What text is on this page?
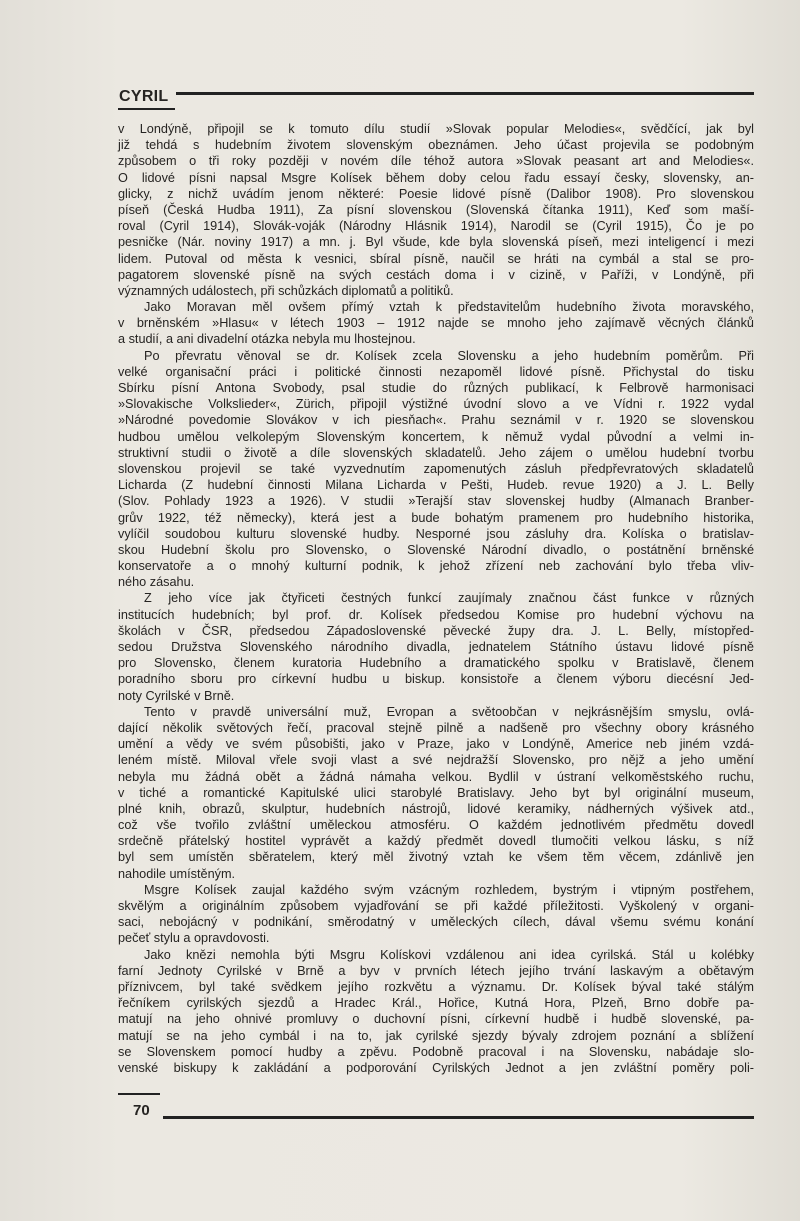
CYRIL
v Londýně, připojil se k tomuto dílu studií »Slovak popular Melodies«, svědčící, jak byl
již tehdá s hudebním životem slovenským obeznámen. Jeho účast projevila se podobným
způsobem o tři roky později v novém díle téhož autora »Slovak peasant art and Melodies«.
O lidové písni napsal Msgre Kolísek během doby celou řadu essayí česky, slovensky, an-
glicky, z nichž uvádím jenom některé: Poesie lidové písně (Dalibor 1908). Pro slovenskou
píseň (Česká Hudba 1911), Za písní slovenskou (Slovenská čítanka 1911), Keď som maší-
roval (Cyril 1914), Slovák-voják (Národny Hlásnik 1914), Narodil se (Cyril 1915), Čo je po
pesničke (Nár. noviny 1917) a mn. j. Byl všude, kde byla slovenská píseň, mezi inteligencí i mezi
lidem. Putoval od města k vesnici, sbíral písně, naučil se hráti na cymbál a stal se pro-
pagatorem slovenské písně na svých cestách doma i v cizině, v Paříži, v Londýně, při
významných událostech, při schůzkách diplomatů a politiků.
Jako Moravan měl ovšem přímý vztah k představitelům hudebního života moravského,
v brněnském »Hlasu« v létech 1903 – 1912 najde se mnoho jeho zajímavě věcných článků
a studií, a ani divadelní otázka nebyla mu lhostejnou.
Po převratu věnoval se dr. Kolísek zcela Slovensku a jeho hudebním poměrům. Při
velké organisační práci i politické činnosti nezapoměl lidové písně. Přichystal do tisku
Sbírku písní Antona Svobody, psal studie do různých publikací, k Felbrově harmonisaci
»Slovakische Volkslieder«, Zürich, připojil výstižné úvodní slovo a ve Vídni r. 1922 vydal
»Národné povedomie Slovákov v ich piesňach«. Prahu seznámil v r. 1920 se slovenskou
hudbou umělou velkolepým Slovenským koncertem, k němuž vydal původní a velmi in-
struktivní studii o životě a díle slovenských skladatelů. Jeho zájem o umělou hudební tvorbu
slovenskou projevil se také vyzvednutím zapomenutých zásluh předpřevratových skladatelů
Licharda (Z hudební činnosti Milana Licharda v Pešti, Hudeb. revue 1920) a J. L. Belly
(Slov. Pohlady 1923 a 1926). V studii »Terajší stav slovenskej hudby (Almanach Branber-
grův 1922, též německy), která jest a bude bohatým pramenem pro hudebního historika,
vylíčil soudobou kulturu slovenské hudby. Nesporné jsou zásluhy dra. Kolíska o bratislav-
skou Hudební školu pro Slovensko, o Slovenské Národní divadlo, o postátnění brněnské
konservatoře a o mnohý kulturní podnik, k jehož zřízení neb zachování bylo třeba vliv-
ného zásahu.
Z jeho více jak čtyřiceti čestných funkcí zaujímaly značnou část funkce v různých
institucích hudebních; byl prof. dr. Kolísek předsedou Komise pro hudební výchovu na
školách v ČSR, předsedou Západoslovenské pěvecké župy dra. J. L. Belly, místopřed-
sedou Družstva Slovenského národního divadla, jednatelem Státního ústavu lidové písně
pro Slovensko, členem kuratoria Hudebního a dramatického spolku v Bratislavě, členem
poradního sboru pro církevní hudbu u biskup. konsistoře a členem výboru diecésní Jed-
noty Cyrilské v Brně.
Tento v pravdě universální muž, Evropan a světoobčan v nejkrásnějším smyslu, ovlá-
dající několik světových řečí, pracoval stejně pilně a nadšeně pro všechny obory krásného
umění a vědy ve svém působišti, jako v Praze, jako v Londýně, Americe neb jiném vzdá-
leném místě. Miloval vřele svoji vlast a své nejdražší Slovensko, pro nějž a jeho umění
nebyla mu žádná obět a žádná námaha velkou. Bydlil v ústraní velkoměstského ruchu,
v tiché a romantické Kapitulské ulici starobylé Bratislavy. Jeho byt byl originální museum,
plné knih, obrazů, skulptur, hudebních nástrojů, lidové keramiky, nádherných výšivek atd.,
což vše tvořilo zvláštní uměleckou atmosféru. O každém jednotlivém předmětu dovedl
srdečně přátelský hostitel vyprávět a každý předmět dovedl tlumočiti velkou lásku, s níž
byl sem umístěn sběratelem, který měl životný vztah ke všem těm věcem, zdánlivě jen
nahodile umístěným.
Msgre Kolísek zaujal každého svým vzácným rozhledem, bystrým i vtipným postřehem,
skvělým a originálním způsobem vyjadřování se při každé příležitosti. Vyškolený v organi-
saci, nebojácný v podnikání, směrodatný v uměleckých cílech, dával všemu svému konání
pečeť stylu a opravdovosti.
Jako knězi nemohla býti Msgru Kolískovi vzdálenou ani idea cyrilská. Stál u kolébky
farní Jednoty Cyrilské v Brně a byv v prvních létech jejího trvání laskavým a obětavým
příznivcem, byl také svědkem jejího rozkvětu a významu. Dr. Kolísek býval také stálým
řečníkem cyrilských sjezdů a Hradec Král., Hořice, Kutná Hora, Plzeň, Brno dobře pa-
matují na jeho ohnivé promluvy o duchovní písni, církevní hudbě i hudbě slovenské, pa-
matují se na jeho cymbál i na to, jak cyrilské sjezdy bývaly zdrojem poznání a sblížení
se Slovenskem pomocí hudby a zpěvu. Podobně pracoval i na Slovensku, nabádaje slo-
venské biskupy k zakládání a podporování Cyrilských Jednot a jen zvláštní poměry poli-
70
